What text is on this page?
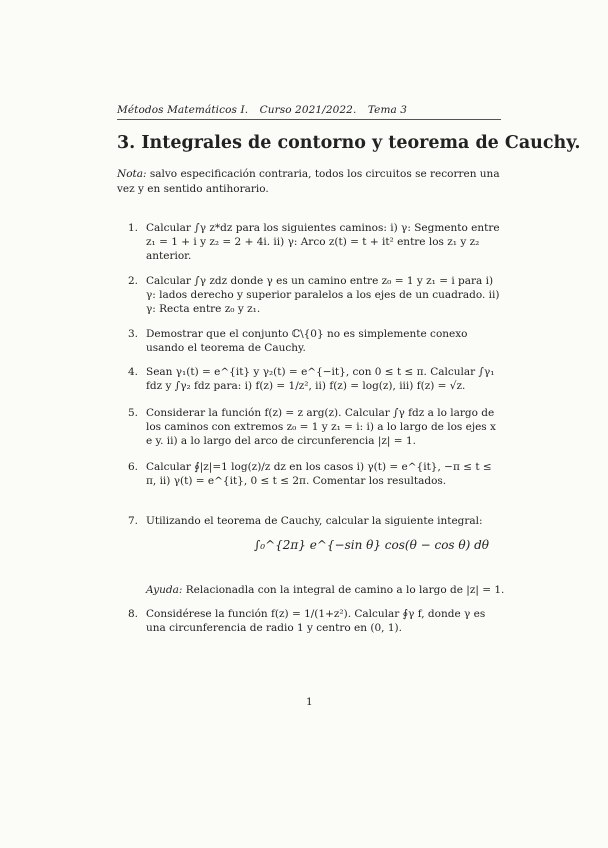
Métodos Matemáticos I. Curso 2021/2022. Tema 3
3. Integrales de contorno y teorema de Cauchy.
Nota: salvo especificación contraria, todos los circuitos se recorren una vez y en sentido antihorario.
1. Calcular ∫γ z*dz para los siguientes caminos: i) γ: Segmento entre z₁ = 1 + i y z₂ = 2 + 4i. ii) γ: Arco z(t) = t + it² entre los z₁ y z₂ anterior.
2. Calcular ∫γ zdz donde γ es un camino entre z₀ = 1 y z₁ = i para i) γ: lados derecho y superior paralelos a los ejes de un cuadrado. ii) γ: Recta entre z₀ y z₁.
3. Demostrar que el conjunto ℂ\{0} no es simplemente conexo usando el teorema de Cauchy.
4. Sean γ₁(t) = e^{it} y γ₂(t) = e^{−it}, con 0 ≤ t ≤ π. Calcular ∫γ₁ fdz y ∫γ₂ fdz para: i) f(z) = 1/z², ii) f(z) = log(z), iii) f(z) = √z.
5. Considerar la función f(z) = z arg(z). Calcular ∫γ fdz a lo largo de los caminos con extremos z₀ = 1 y z₁ = i: i) a lo largo de los ejes x e y. ii) a lo largo del arco de circunferencia |z| = 1.
6. Calcular ∮|z|=1 log(z)/z dz en los casos i) γ(t) = e^{it}, −π ≤ t ≤ π, ii) γ(t) = e^{it}, 0 ≤ t ≤ 2π. Comentar los resultados.
7. Utilizando el teorema de Cauchy, calcular la siguiente integral:
∫₀^{2π} e^{−sin θ} cos(θ − cos θ) dθ
Ayuda: Relacionadla con la integral de camino a lo largo de |z| = 1.
8. Considérese la función f(z) = 1/(1+z²). Calcular ∮γ f, donde γ es una circunferencia de radio 1 y centro en (0, 1).
1
